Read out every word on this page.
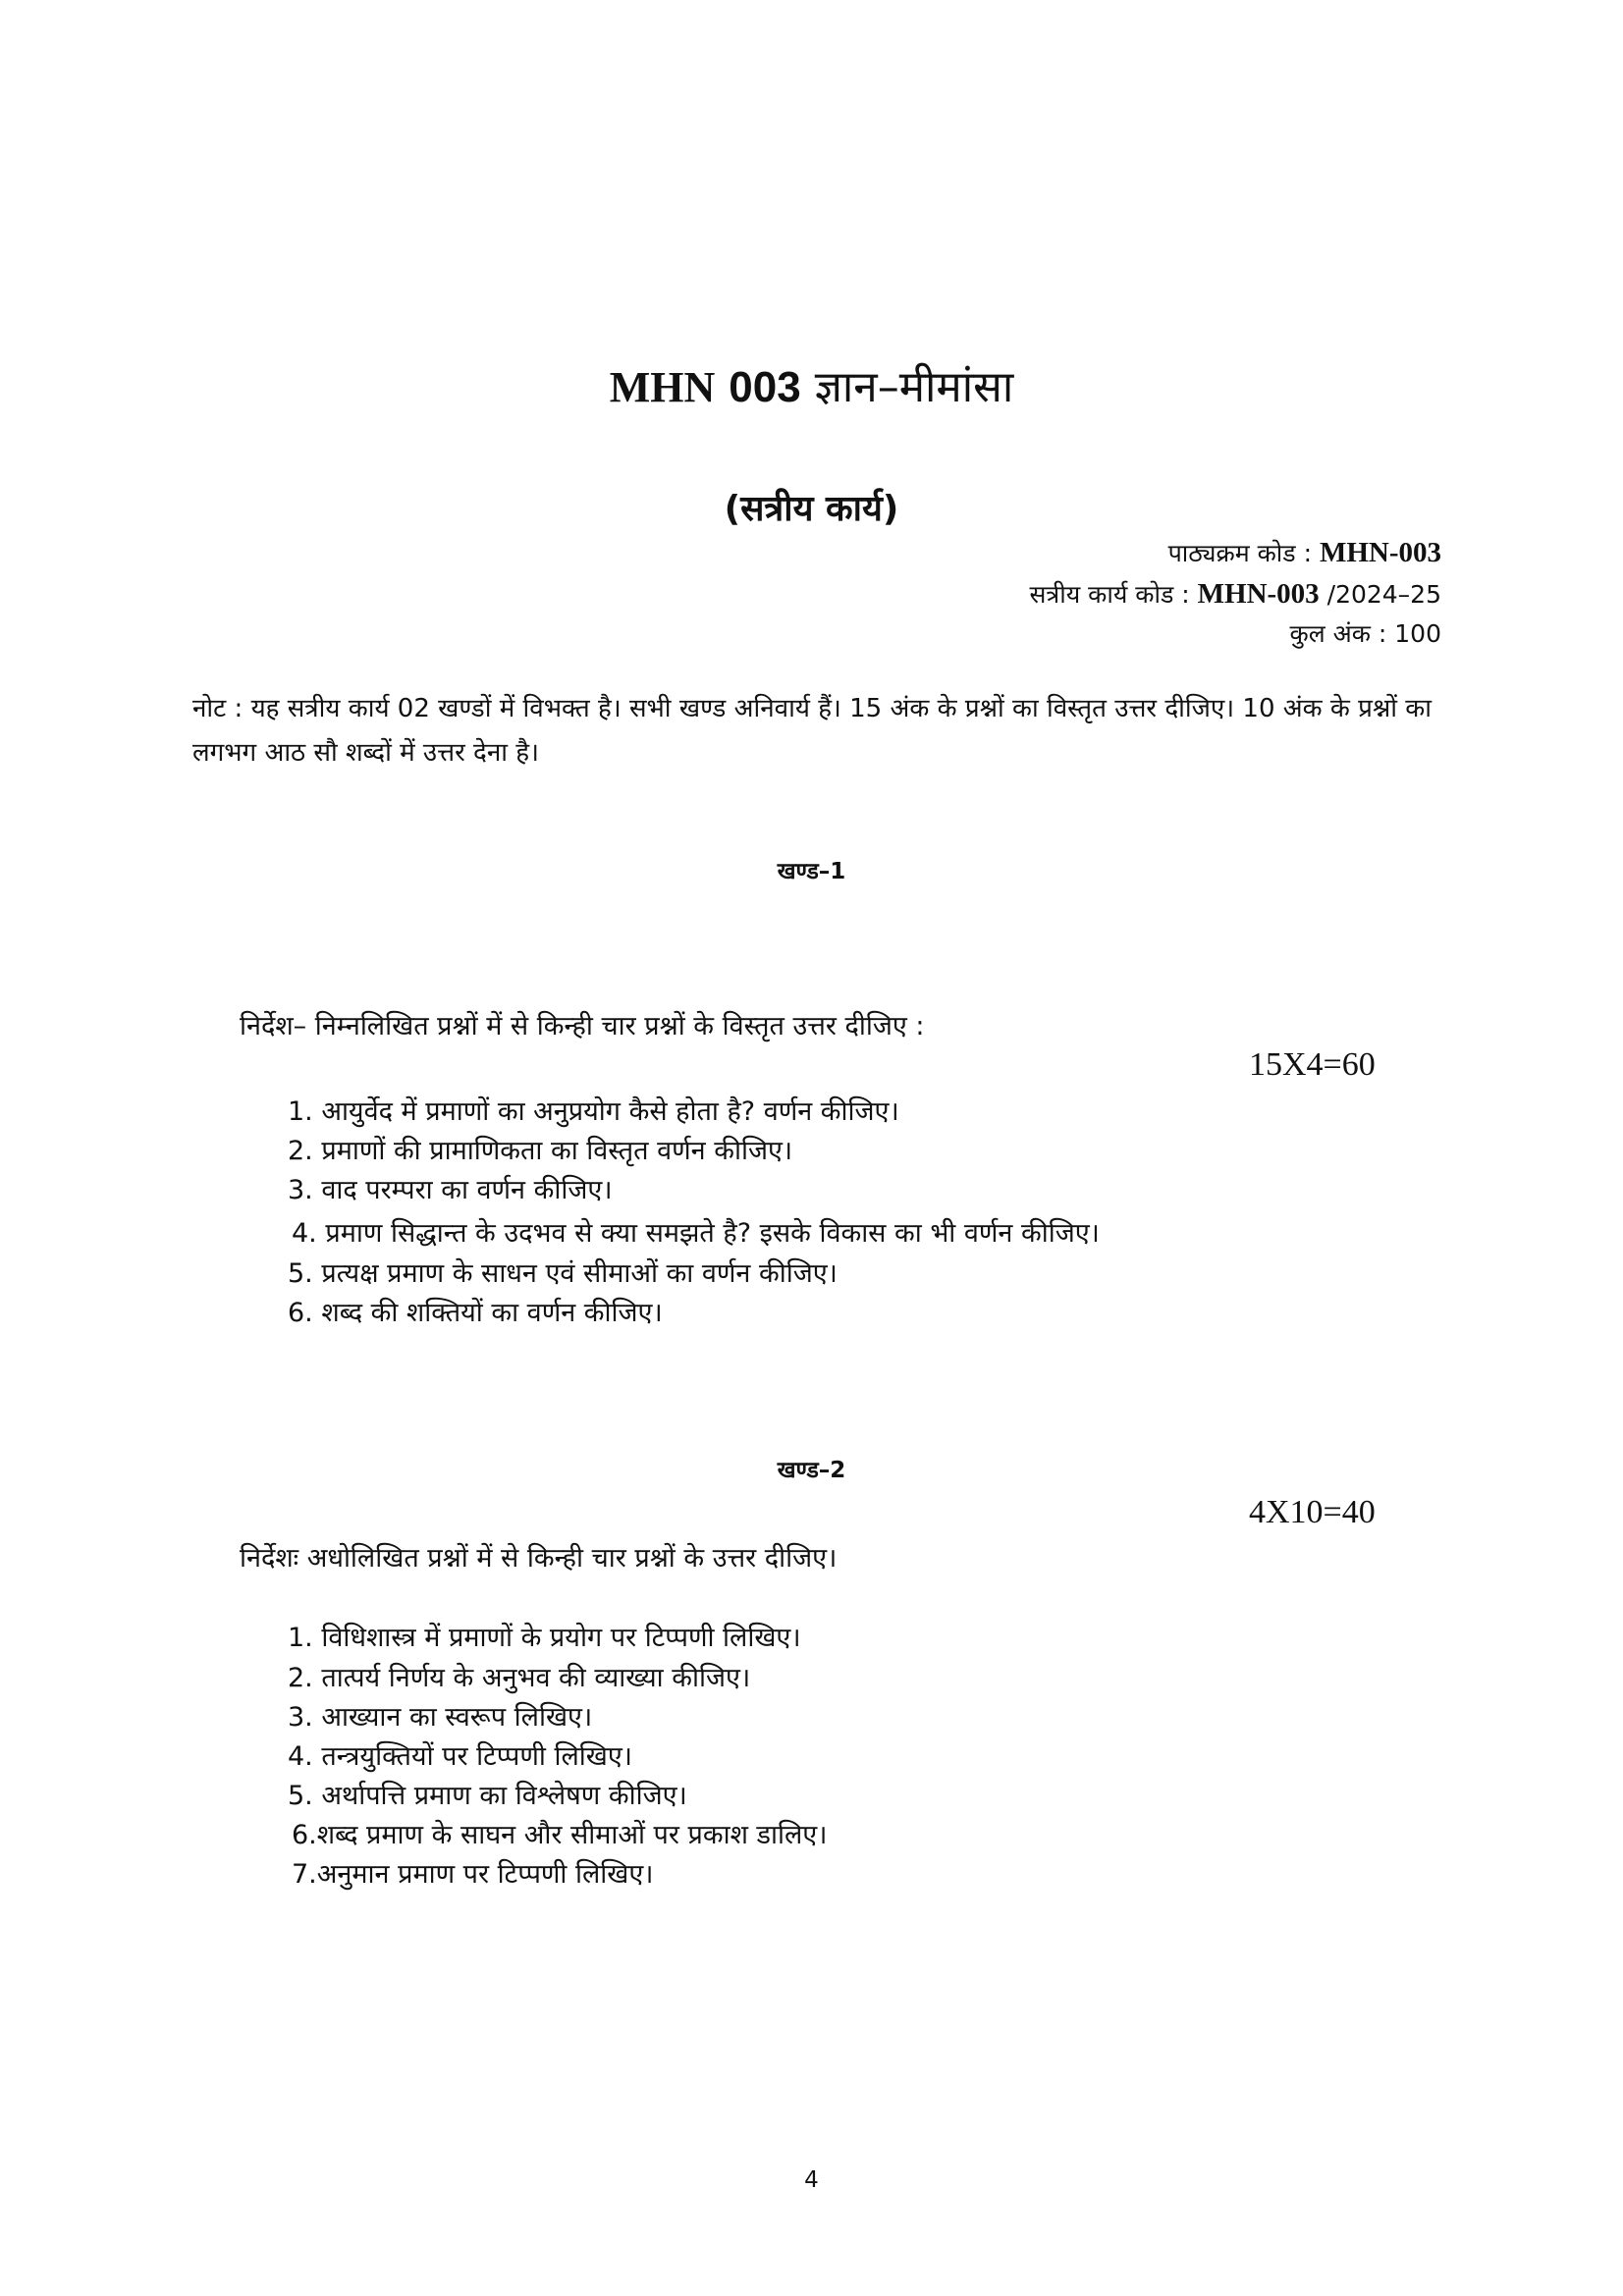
MHN 003 ज्ञान–मीमांसा
(सत्रीय कार्य)
पाठ्यक्रम कोड : MHN-003
सत्रीय कार्य कोड : MHN-003 /2024–25
कुल अंक : 100
नोट : यह सत्रीय कार्य 02 खण्डों में विभक्त है। सभी खण्ड अनिवार्य हैं। 15 अंक के प्रश्नों का विस्तृत उत्तर दीजिए। 10 अंक के प्रश्नों का लगभग आठ सौ शब्दों में उत्तर देना है।
खण्ड–1
निर्देश– निम्नलिखित प्रश्नों में से किन्ही चार प्रश्नों के विस्तृत उत्तर दीजिए :
15X4=60
1. आयुर्वेद में प्रमाणों का अनुप्रयोग कैसे होता है? वर्णन कीजिए।
2. प्रमाणों की प्रामाणिकता का विस्तृत वर्णन कीजिए।
3. वाद परम्परा का वर्णन कीजिए।
4. प्रमाण सिद्धान्त के उदभव से क्या समझते है? इसके विकास का भी वर्णन कीजिए।
5. प्रत्यक्ष प्रमाण के साधन एवं सीमाओं का वर्णन कीजिए।
6. शब्द की शक्तियों का वर्णन कीजिए।
खण्ड–2
4X10=40
निर्देशः अधोलिखित प्रश्नों में से किन्ही चार प्रश्नों के उत्तर दीजिए।
1. विधिशास्त्र में प्रमाणों के प्रयोग पर टिप्पणी लिखिए।
2. तात्पर्य निर्णय के अनुभव की व्याख्या कीजिए।
3. आख्यान का स्वरूप लिखिए।
4. तन्त्रयुक्तियों पर टिप्पणी लिखिए।
5. अर्थापत्ति प्रमाण का विश्लेषण कीजिए।
6.शब्द प्रमाण के साघन और सीमाओं पर प्रकाश डालिए।
7.अनुमान प्रमाण पर टिप्पणी लिखिए।
4
